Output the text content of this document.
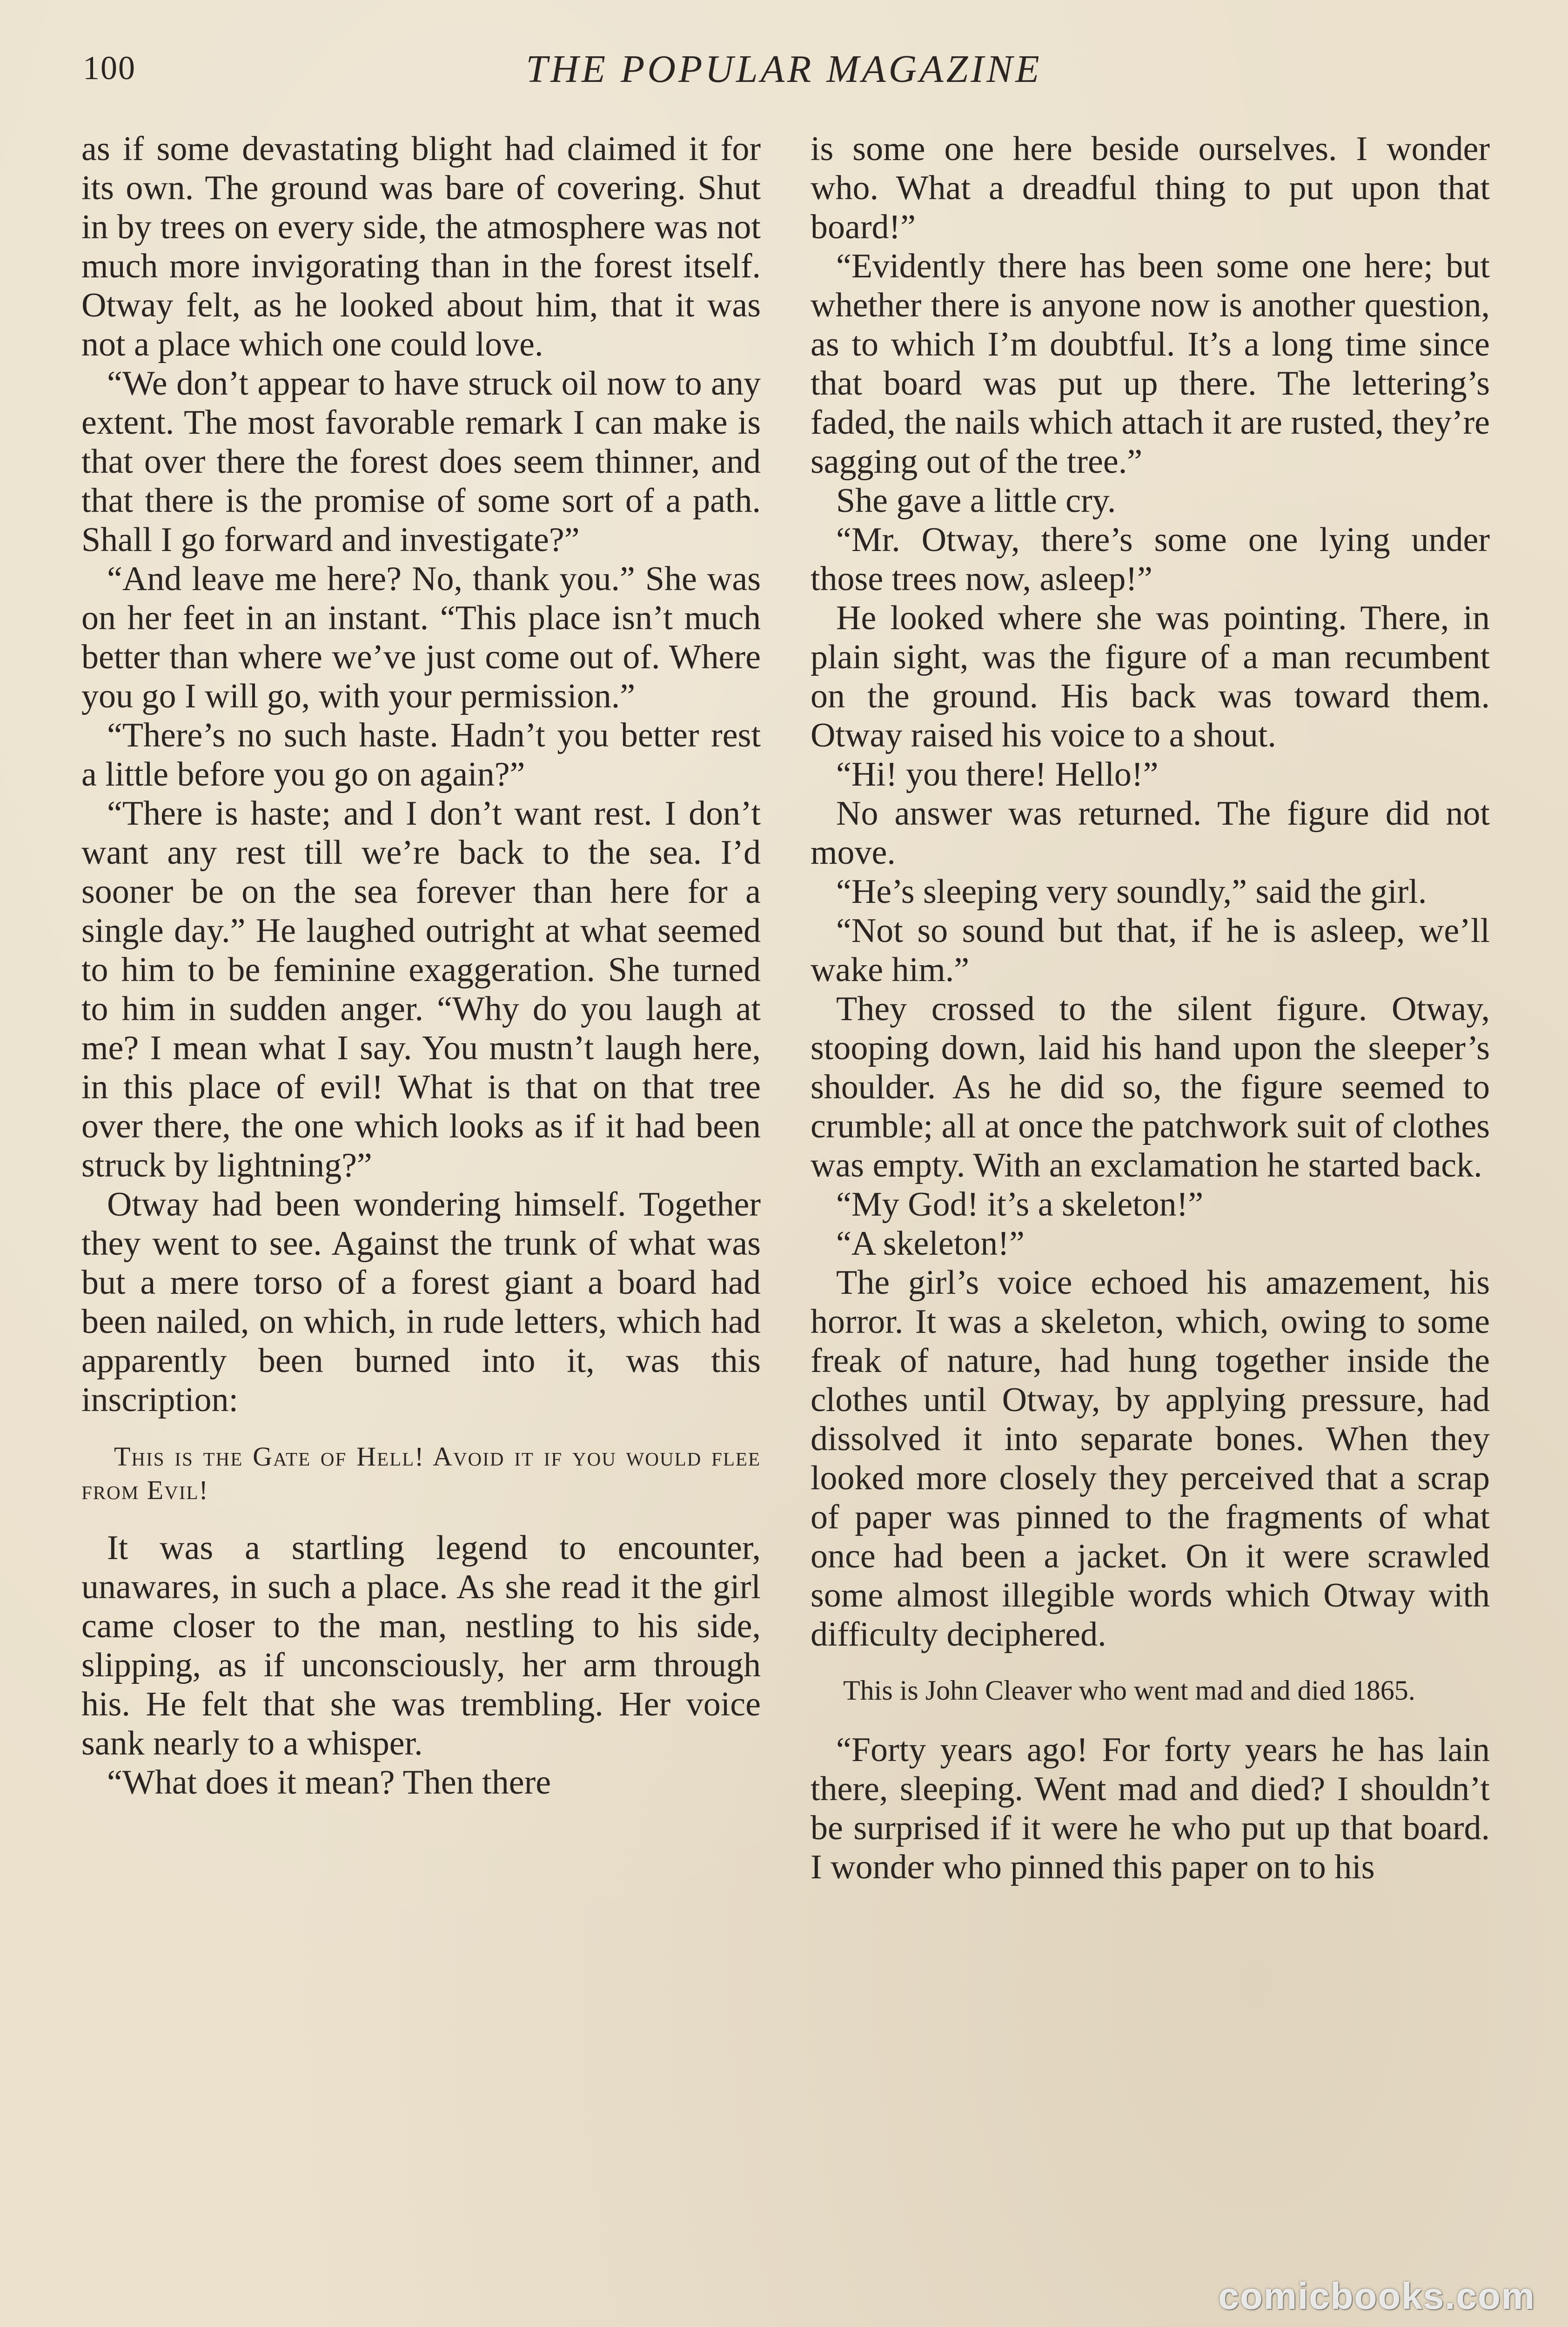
100	THE POPULAR MAGAZINE

as if some devastating blight had claimed it for its own. The ground was bare of covering. Shut in by trees on every side, the atmosphere was not much more invigorating than in the forest itself. Otway felt, as he looked about him, that it was not a place which one could love.

“We don’t appear to have struck oil now to any extent. The most favorable remark I can make is that over there the forest does seem thinner, and that there is the promise of some sort of a path. Shall I go forward and investigate?”

“And leave me here? No, thank you.” She was on her feet in an instant. “This place isn’t much better than where we’ve just come out of. Where you go I will go, with your permission.”

“There’s no such haste. Hadn’t you better rest a little before you go on again?”

“There is haste; and I don’t want rest. I don’t want any rest till we’re back to the sea. I’d sooner be on the sea forever than here for a single day.” He laughed outright at what seemed to him to be feminine exaggeration. She turned to him in sudden anger. “Why do you laugh at me? I mean what I say. You mustn’t laugh here, in this place of evil! What is that on that tree over there, the one which looks as if it had been struck by lightning?”

Otway had been wondering himself. Together they went to see. Against the trunk of what was but a mere torso of a forest giant a board had been nailed, on which, in rude letters, which had apparently been burned into it, was this inscription:

This is the Gate of Hell! Avoid it if you would flee from Evil!

It was a startling legend to encounter, unawares, in such a place. As she read it the girl came closer to the man, nestling to his side, slipping, as if unconsciously, her arm through his. He felt that she was trembling. Her voice sank nearly to a whisper.

“What does it mean? Then there

is some one here beside ourselves. I wonder who. What a dreadful thing to put upon that board!”

“Evidently there has been some one here; but whether there is anyone now is another question, as to which I’m doubtful. It’s a long time since that board was put up there. The lettering’s faded, the nails which attach it are rusted, they’re sagging out of the tree.”

She gave a little cry.

“Mr. Otway, there’s some one lying under those trees now, asleep!”

He looked where she was pointing. There, in plain sight, was the figure of a man recumbent on the ground. His back was toward them. Otway raised his voice to a shout.

“Hi! you there! Hello!”

No answer was returned. The figure did not move.

“He’s sleeping very soundly,” said the girl.

“Not so sound but that, if he is asleep, we’ll wake him.”

They crossed to the silent figure. Otway, stooping down, laid his hand upon the sleeper’s shoulder. As he did so, the figure seemed to crumble; all at once the patchwork suit of clothes was empty. With an exclamation he started back.

“My God! it’s a skeleton!”

“A skeleton!”

The girl’s voice echoed his amazement, his horror. It was a skeleton, which, owing to some freak of nature, had hung together inside the clothes until Otway, by applying pressure, had dissolved it into separate bones. When they looked more closely they perceived that a scrap of paper was pinned to the fragments of what once had been a jacket. On it were scrawled some almost illegible words which Otway with difficulty deciphered.

This is John Cleaver who went mad and died 1865.

“Forty years ago! For forty years he has lain there, sleeping. Went mad and died? I shouldn’t be surprised if it were he who put up that board. I wonder who pinned this paper on to his

comicbooks.com
